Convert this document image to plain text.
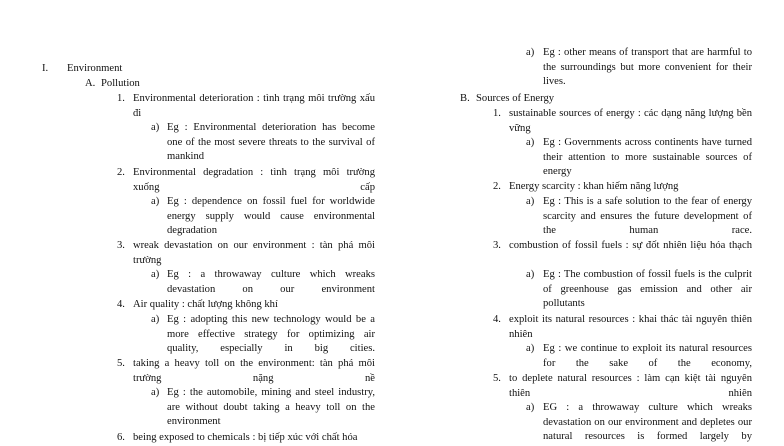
I. Environment
A. Pollution
1. Environmental deterioration : tình trạng môi trường xấu đi
a) Eg : Environmental deterioration has become one of the most severe threats to the survival of mankind
2. Environmental degradation : tình trạng môi trường xuống cấp
a) Eg : dependence on fossil fuel for worldwide energy supply would cause environmental degradation
3. wreak devastation on our environment : tàn phá môi trường
a) Eg : a throwaway culture which wreaks devastation on our environment
4. Air quality : chất lượng không khí
a) Eg : adopting this new technology would be a more effective strategy for optimizing air quality, especially in big cities.
5. taking a heavy toll on the environment: tàn phá môi trường nặng nề
a) Eg : the automobile, mining and steel industry, are without doubt taking a heavy toll on the environment
6. being exposed to chemicals : bị tiếp xúc với chất hóa
a) Eg : other means of transport that are harmful to the surroundings but more convenient for their lives.
B. Sources of Energy
1. sustainable sources of energy : các dạng năng lượng bền vững
a) Eg : Governments across continents have turned their attention to more sustainable sources of energy
2. Energy scarcity : khan hiếm năng lượng
a) Eg : This is a safe solution to the fear of energy scarcity and ensures the future development of the human race.
3. combustion of fossil fuels : sự đốt nhiên liệu hóa thạch
a) Eg : The combustion of fossil fuels is the culprit of greenhouse gas emission and other air pollutants
4. exploit its natural resources : khai thác tài nguyên thiên nhiên
a) Eg : we continue to exploit its natural resources for the sake of the economy,
5. to deplete natural resources : làm cạn kiệt tài nguyên thiên nhiên
a) EG : a throwaway culture which wreaks devastation on our environment and depletes our natural resources is formed largely by
